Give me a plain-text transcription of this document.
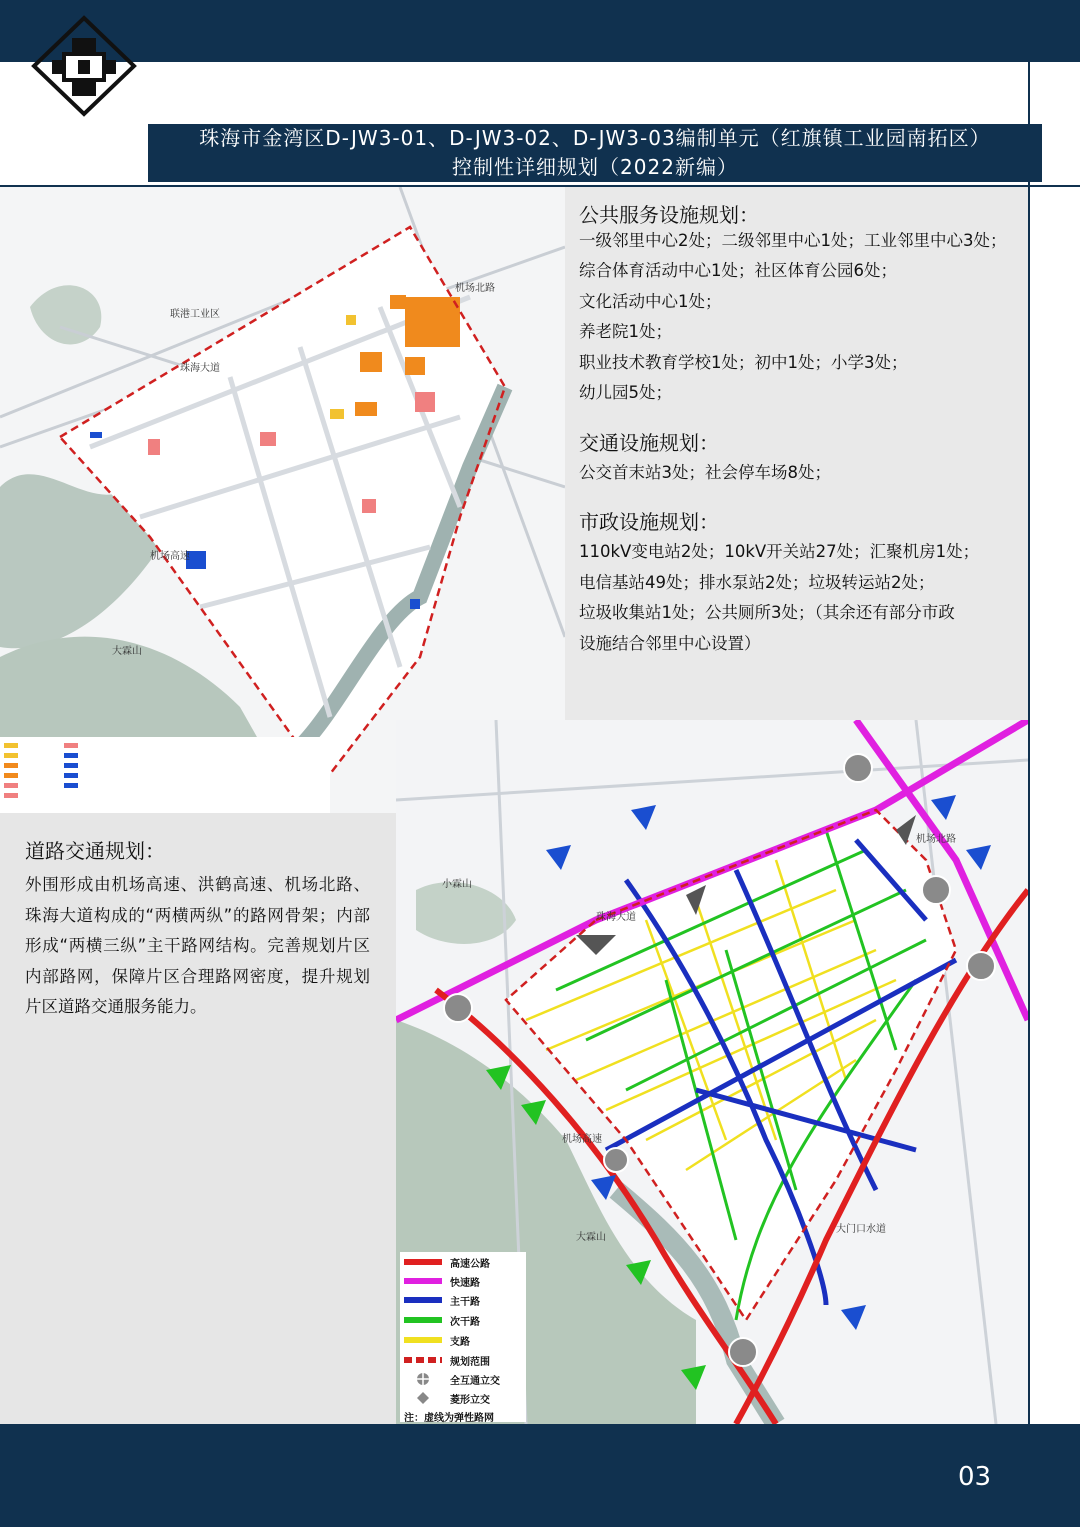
珠海市金湾区D-JW3-01、D-JW3-02、D-JW3-03编制单元（红旗镇工业园南拓区）
控制性详细规划（2022新编）
联港工业区
珠海大道
机场北路
机场高速
大霖山
公共服务设施规划：

一级邻里中心2处；二级邻里中心1处；工业邻里中心3处；

综合体育活动中心1处；社区体育公园6处；

文化活动中心1处；

养老院1处；

职业技术教育学校1处；初中1处；小学3处；

幼儿园5处；

交通设施规划：

公交首末站3处；社会停车场8处；

市政设施规划：

110kV变电站2处；10kV开关站27处；汇聚机房1处；

电信基站49处；排水泵站2处；垃圾转运站2处；

垃圾收集站1处；公共厕所3处；（其余还有部分市政

设施结合邻里中心设置）

道路交通规划：

外围形成由机场高速、洪鹤高速、机场北路、珠海大道构成的“两横两纵”的路网骨架；内部形成“两横三纵”主干路网结构。完善规划片区内部路网，保障片区合理路网密度，提升规划片区道路交通服务能力。

小霖山
大霖山
珠海大道
机场高速
大门口水道
机场北路
高速公路
快速路
主干路
次干路
支路
规划范围
全互通立交
菱形立交
注：虚线为弹性路网
03
